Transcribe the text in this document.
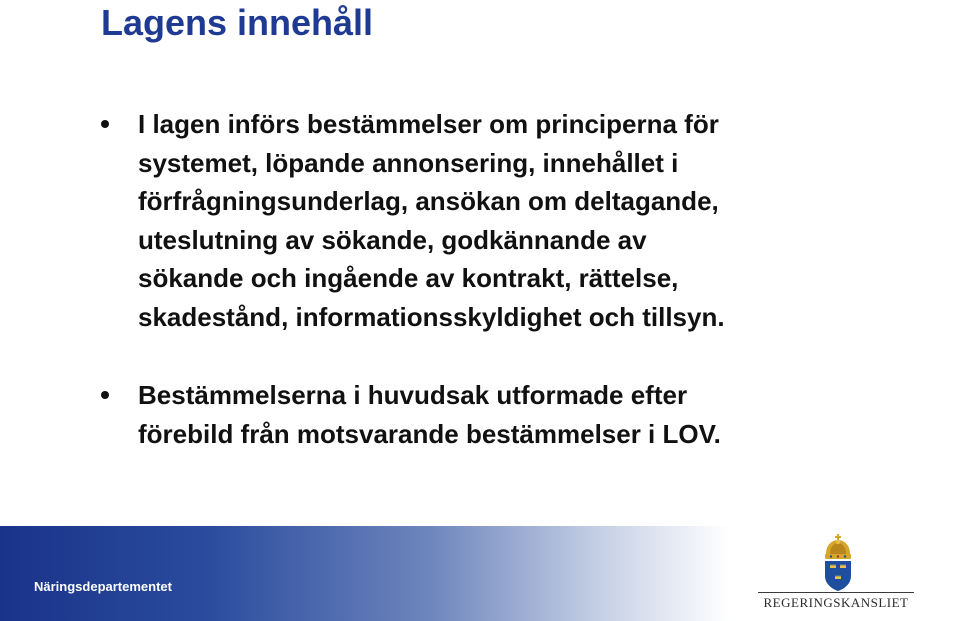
Lagens innehåll

I lagen införs bestämmelser om principerna för
systemet, löpande annonsering, innehållet i
förfrågningsunderlag, ansökan om deltagande,
uteslutning av sökande, godkännande av
sökande och ingående av kontrakt, rättelse,
skadestånd, informationsskyldighet och tillsyn.

Bestämmelserna i huvudsak utformade efter
förebild från motsvarande bestämmelser i LOV.

Näringsdepartementet

REGERINGSKANSLIET
